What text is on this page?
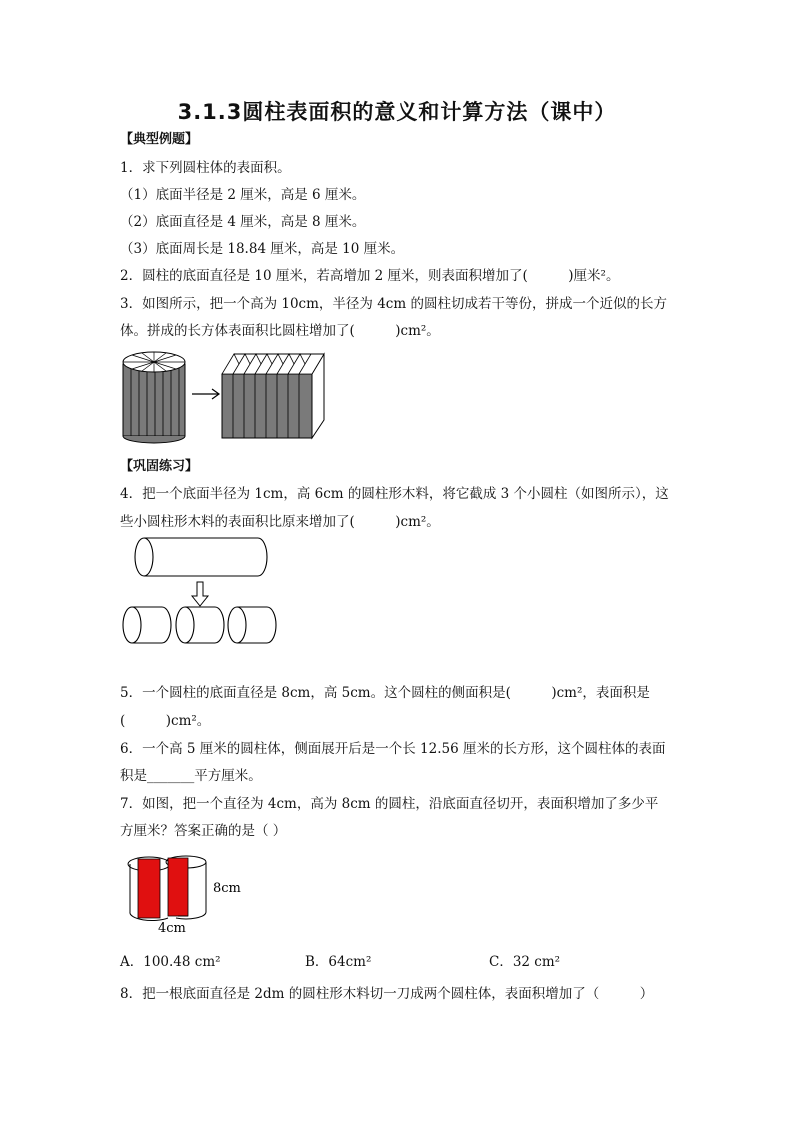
3.1.3圆柱表面积的意义和计算方法（课中）
【典型例题】
1．求下列圆柱体的表面积。
（1）底面半径是 2 厘米，高是 6 厘米。
（2）底面直径是 4 厘米，高是 8 厘米。
（3）底面周长是 18.84 厘米，高是 10 厘米。
2．圆柱的底面直径是 10 厘米，若高增加 2 厘米，则表面积增加了(　　　)厘米²。
3．如图所示，把一个高为 10cm，半径为 4cm 的圆柱切成若干等份，拼成一个近似的长方
体。拼成的长方体表面积比圆柱增加了(　　　)cm²。
【巩固练习】
4．把一个底面半径为 1cm，高 6cm 的圆柱形木料，将它截成 3 个小圆柱（如图所示），这
些小圆柱形木料的表面积比原来增加了(　　　)cm²。
5．一个圆柱的底面直径是 8cm，高 5cm。这个圆柱的侧面积是(　　　)cm²，表面积是
(　　　)cm²。
6．一个高 5 厘米的圆柱体，侧面展开后是一个长 12.56 厘米的长方形，这个圆柱体的表面
积是_______平方厘米。
7．如图，把一个直径为 4cm，高为 8cm 的圆柱，沿底面直径切开，表面积增加了多少平
方厘米？答案正确的是（ ）
8cm
4cm
A．100.48 cm²	B．64cm²	C．32 cm²
8．把一根底面直径是 2dm 的圆柱形木料切一刀成两个圆柱体，表面积增加了（　　　）
